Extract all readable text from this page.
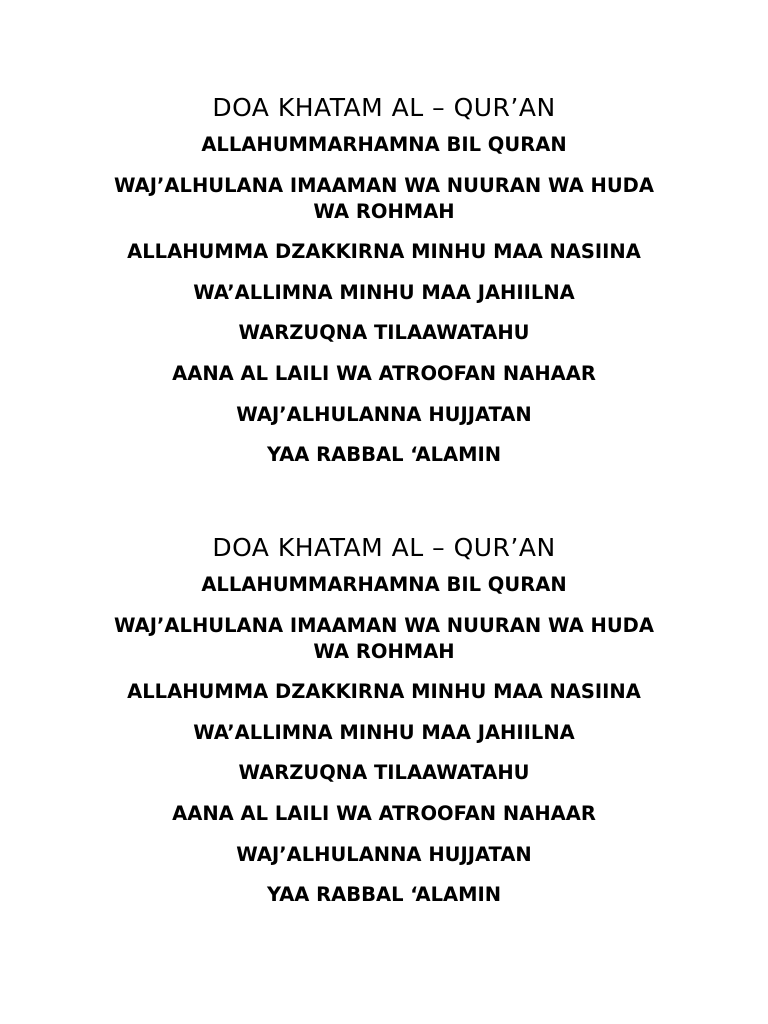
DOA KHATAM AL – QUR’AN
ALLAHUMMARHAMNA BIL QURAN
WAJ’ALHULANA IMAAMAN WA NUURAN WA HUDA WA ROHMAH
ALLAHUMMA DZAKKIRNA MINHU MAA NASIINA
WA’ALLIMNA MINHU MAA JAHIILNA
WARZUQNA TILAAWATAHU
AANA AL LAILI WA ATROOFAN NAHAAR
WAJ’ALHULANNA HUJJATAN
YAA RABBAL ‘ALAMIN
DOA KHATAM AL – QUR’AN
ALLAHUMMARHAMNA BIL QURAN
WAJ’ALHULANA IMAAMAN WA NUURAN WA HUDA WA ROHMAH
ALLAHUMMA DZAKKIRNA MINHU MAA NASIINA
WA’ALLIMNA MINHU MAA JAHIILNA
WARZUQNA TILAAWATAHU
AANA AL LAILI WA ATROOFAN NAHAAR
WAJ’ALHULANNA HUJJATAN
YAA RABBAL ‘ALAMIN
